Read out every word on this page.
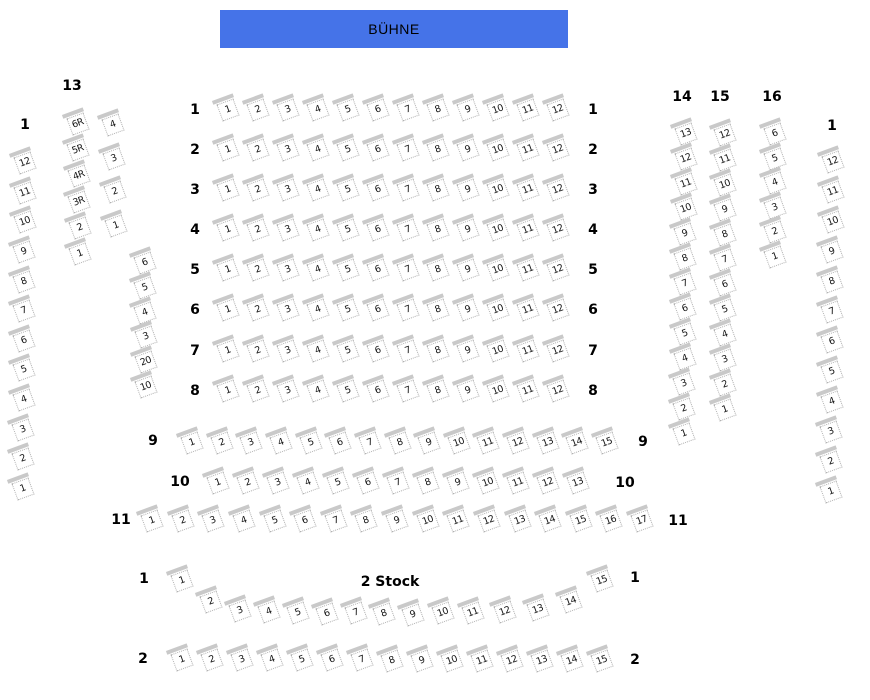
BÜHNE
1
13
1
2
3
4
5
6
7
8
1
2
3
4
5
6
7
8
9	9
10	10
11	11
14 15 16
1
2 Stock
1	1
2	2
12
11
10
9
8
7
6
5
4
3
2
1
6R
5R
4R
3R
2
1
4
3
2
1
6
5
4
3
20
10
1 2 3 4 5 6 7 8 9 10 11 12
1 2 3 4 5 6 7 8 9 10 11 12
1 2 3 4 5 6 7 8 9 10 11 12
1 2 3 4 5 6 7 8 9 10 11 12
1 2 3 4 5 6 7 8 9 10 11 12
1 2 3 4 5 6 7 8 9 10 11 12
1 2 3 4 5 6 7 8 9 10 11 12
1 2 3 4 5 6 7 8 9 10 11 12
1 2 3 4 5 6 7 8 9 10 11 12 13 14 15
1 2 3 4 5 6 7 8 9 10 11 12 13
1 2 3 4 5 6 7 8 9 10 11 12 13 14 15 16 17
13
12
11
10
9
8
7
6
5
4
3
2
1
12
11
10
9
8
7
6
5
4
3
2
1
6
5
4
3
2
1
12
11
10
9
8
7
6
5
4
3
2
1
1
2
3 4 5 6 7 8 9 10 11 12 13
14
15
1 2 3 4 5 6 7 8 9 10 11 12 13 14 15
